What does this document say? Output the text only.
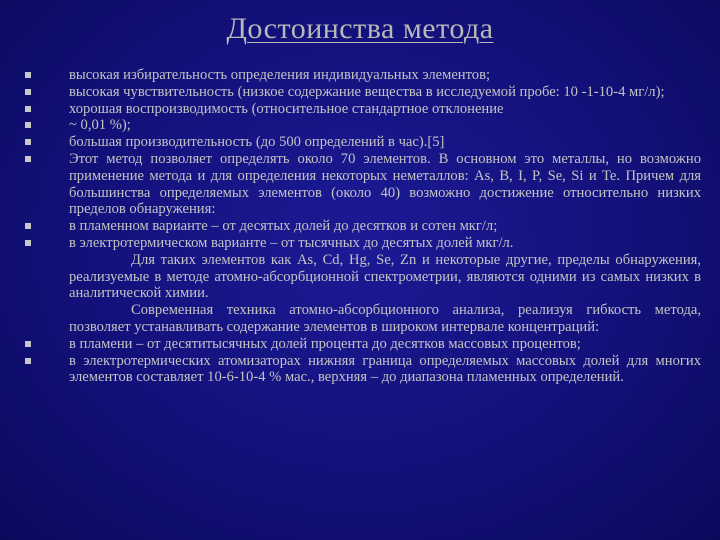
Достоинства метода

высокая избирательность определения индивидуальных элементов;

высокая чувствительность (низкое содержание вещества в исследуемой пробе: 10 -1-10-4 мг/л);

хорошая воспроизводимость (относительное стандартное отклонение

~ 0,01 %);

большая производительность (до 500 определений в час).[5]

Этот метод позволяет определять около 70 элементов. В основном это металлы, но возможно применение метода и для определения некоторых неметаллов: As, B, I, P, Se, Si и Te. Причем для большинства определяемых элементов (около 40) возможно достижение относительно низких пределов обнаружения:

в пламенном варианте – от десятых долей до десятков и сотен мкг/л;

в электротермическом варианте – от тысячных до десятых долей мкг/л.

Для таких элементов как As, Cd, Hg, Se, Zn и некоторые другие, пределы обнаружения, реализуемые в методе атомно-абсорбционной спектрометрии, являются одними из самых низких в аналитической химии.

Современная техника атомно-абсорбционного анализа, реализуя гибкость метода, позволяет устанавливать содержание элементов в широком интервале концентраций:

в пламени – от десятитысячных долей процента до десятков массовых процентов;

в электротермических атомизаторах нижняя граница определяемых массовых долей для многих элементов составляет 10-6-10-4 % мас., верхняя – до диапазона пламенных определений.
